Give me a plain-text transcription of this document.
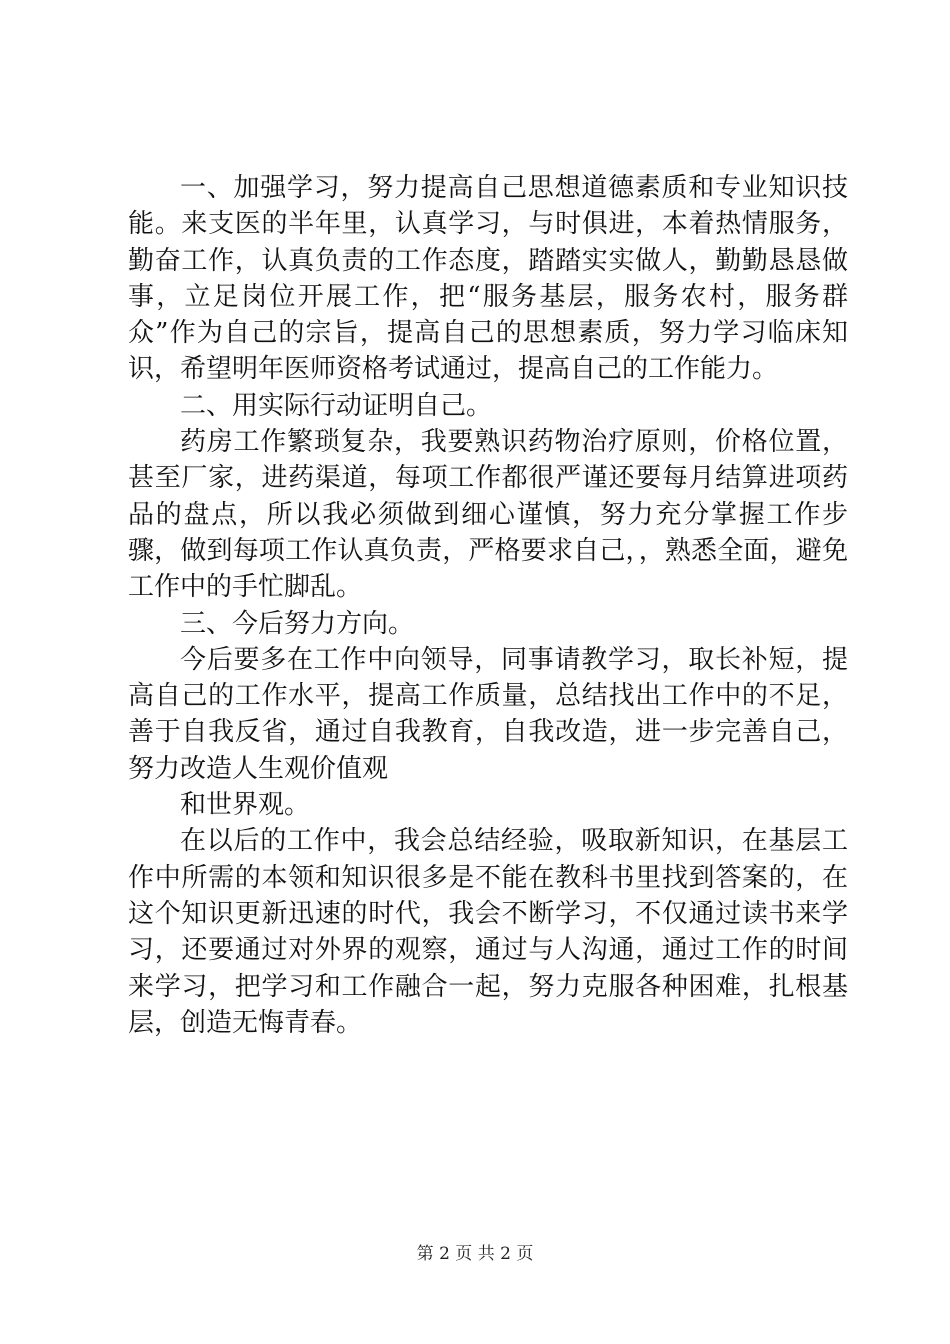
一、加强学习，努力提高自己思想道德素质和专业知识技能。来支医的半年里，认真学习，与时俱进，本着热情服务，勤奋工作，认真负责的工作态度，踏踏实实做人，勤勤恳恳做事，立足岗位开展工作，把“服务基层，服务农村，服务群众”作为自己的宗旨，提高自己的思想素质，努力学习临床知识，希望明年医师资格考试通过，提高自己的工作能力。

二、用实际行动证明自己。

药房工作繁琐复杂，我要熟识药物治疗原则，价格位置，甚至厂家，进药渠道，每项工作都很严谨还要每月结算进项药品的盘点，所以我必须做到细心谨慎，努力充分掌握工作步骤，做到每项工作认真负责，严格要求自己，，熟悉全面，避免工作中的手忙脚乱。

三、今后努力方向。

今后要多在工作中向领导，同事请教学习，取长补短，提高自己的工作水平，提高工作质量，总结找出工作中的不足，善于自我反省，通过自我教育，自我改造，进一步完善自己，努力改造人生观价值观

和世界观。

在以后的工作中，我会总结经验，吸取新知识，在基层工作中所需的本领和知识很多是不能在教科书里找到答案的，在这个知识更新迅速的时代，我会不断学习，不仅通过读书来学习，还要通过对外界的观察，通过与人沟通，通过工作的时间来学习，把学习和工作融合一起，努力克服各种困难，扎根基层，创造无悔青春。

第 2 页 共 2 页
